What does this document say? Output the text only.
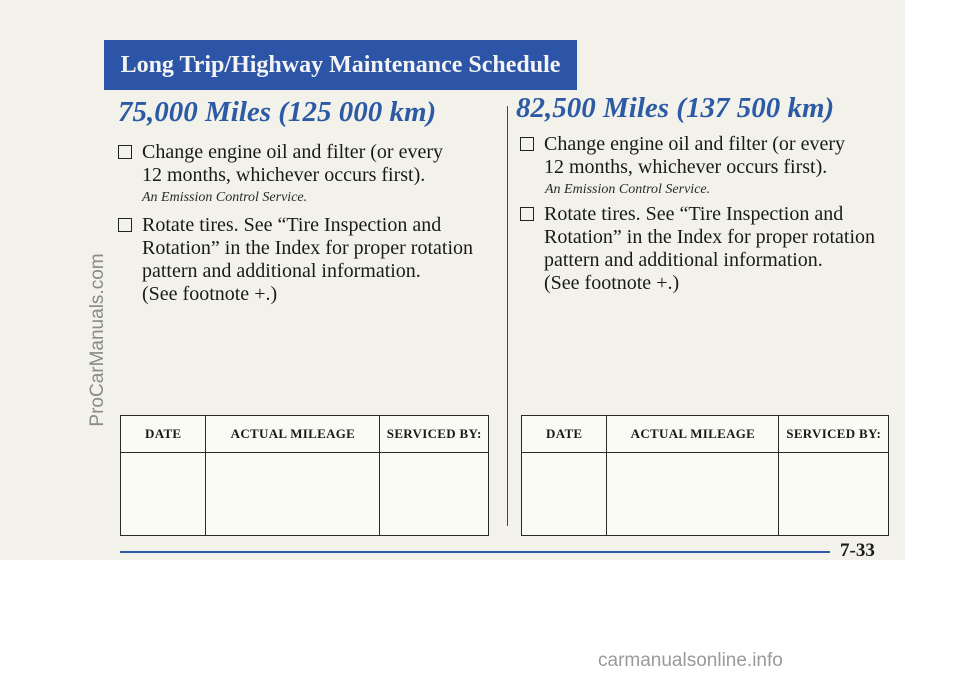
ProCarManuals.com
Long Trip/Highway Maintenance Schedule
75,000 Miles (125 000 km)
Change engine oil and filter (or every
12 months, whichever occurs first).
An Emission Control Service.
Rotate tires. See “Tire Inspection and
Rotation” in the Index for proper rotation
pattern and additional information.
(See footnote +.)
DATE	ACTUAL MILEAGE	SERVICED BY:

82,500 Miles (137 500 km)
Change engine oil and filter (or every
12 months, whichever occurs first).
An Emission Control Service.
Rotate tires. See “Tire Inspection and
Rotation” in the Index for proper rotation
pattern and additional information.
(See footnote +.)
DATE	ACTUAL MILEAGE	SERVICED BY:

7-33
carmanualsonline.info
